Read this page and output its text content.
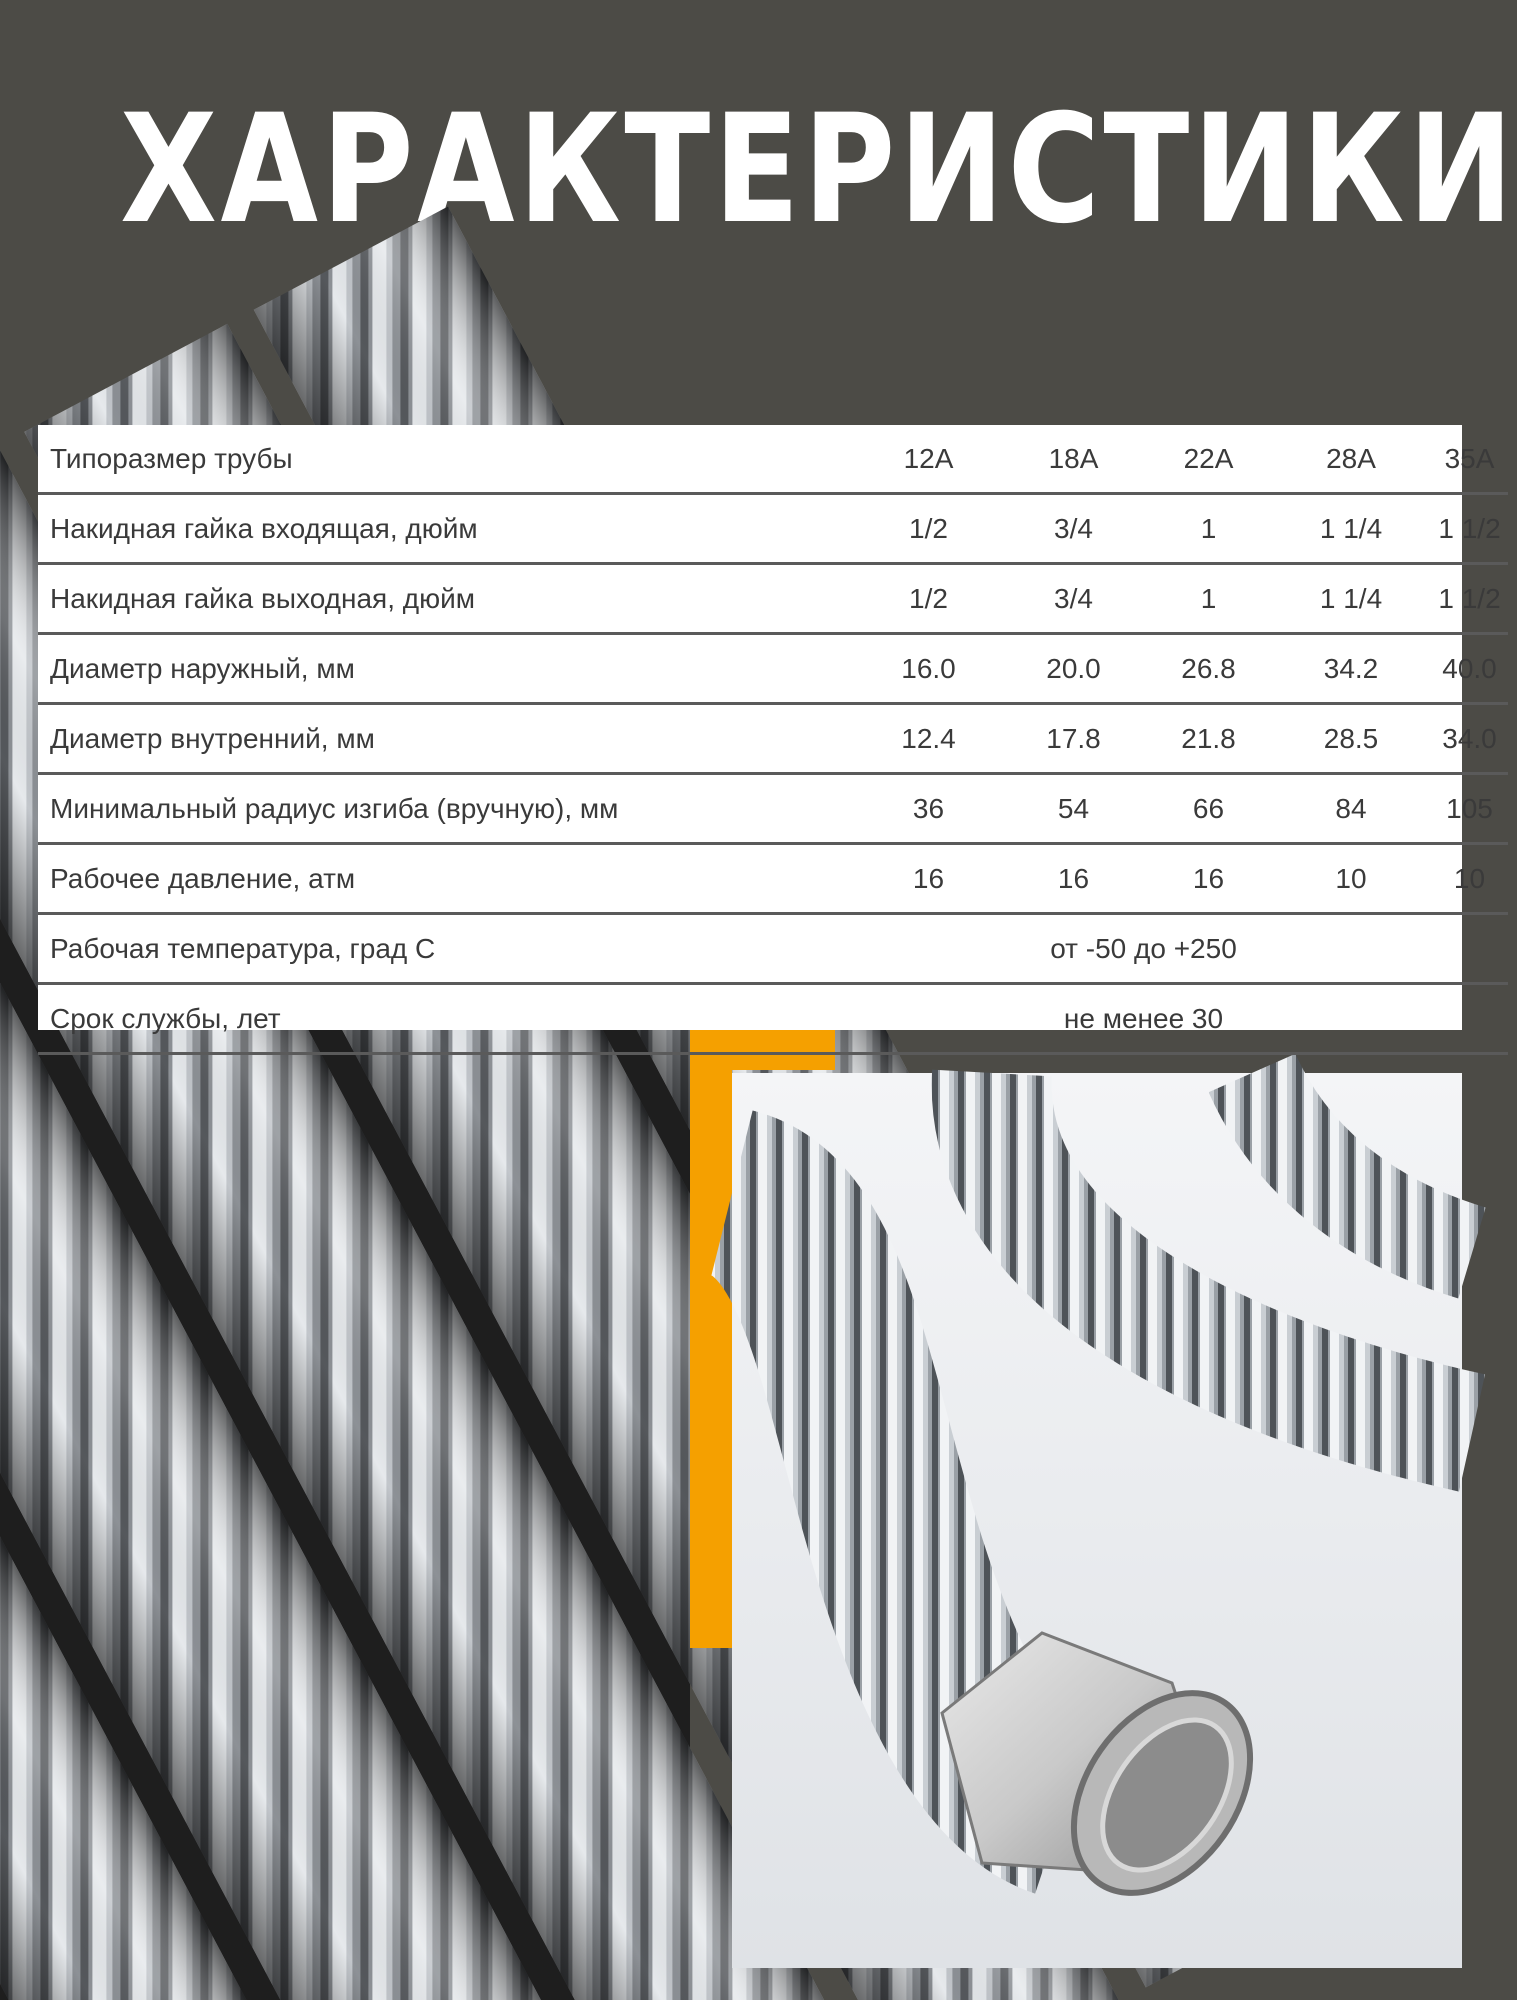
ХАРАКТЕРИСТИКИ
Типоразмер трубы	12A	18A	22A	28A	35A
Накидная гайка входящая, дюйм	1/2	3/4	1	1 1/4	1 1/2
Накидная гайка выходная, дюйм	1/2	3/4	1	1 1/4	1 1/2
Диаметр наружный, мм	16.0	20.0	26.8	34.2	40.0
Диаметр внутренний, мм	12.4	17.8	21.8	28.5	34.0
Минимальный радиус изгиба (вручную), мм	36	54	66	84	105
Рабочее давление, атм	16	16	16	10	10
Рабочая температура, град С	от -50 до +250				
Срок службы, лет	не менее 30				
